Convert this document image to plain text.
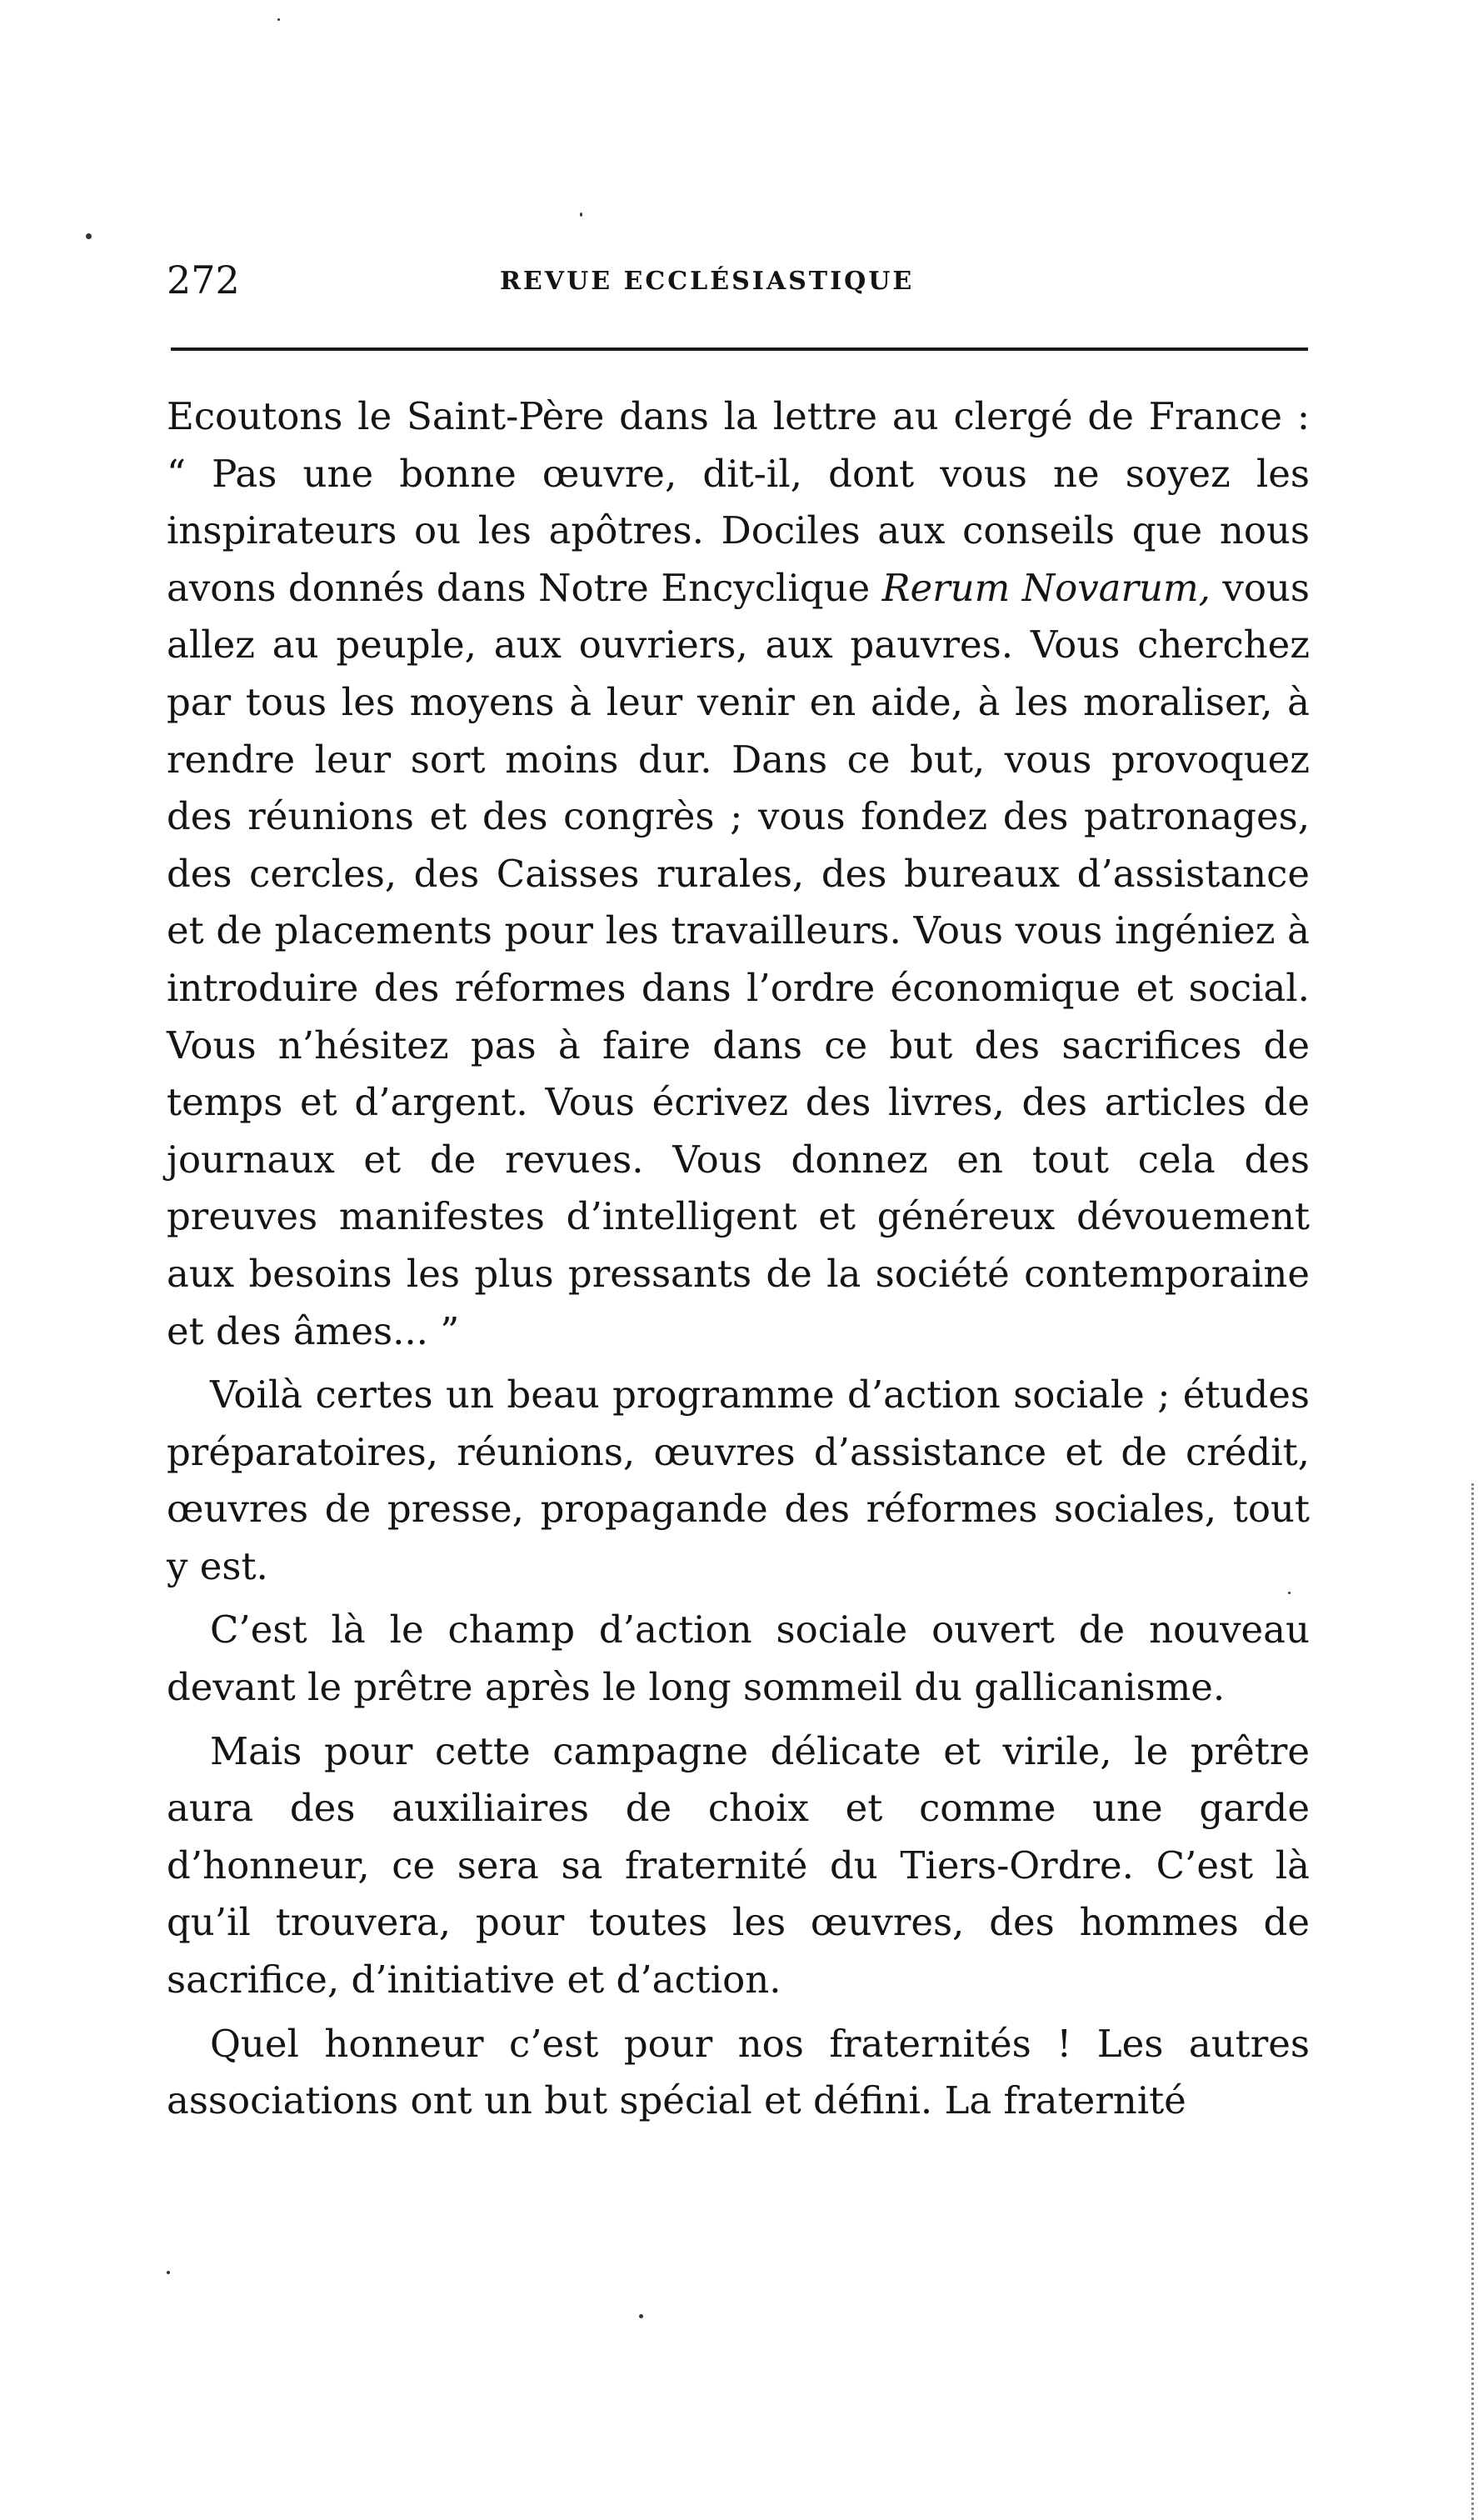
272	REVUE ECCLÉSIASTIQUE

Ecoutons le Saint-Père dans la lettre au clergé de France : “ Pas une bonne œuvre, dit-il, dont vous ne soyez les inspirateurs ou les apôtres. Dociles aux conseils que nous avons donnés dans Notre Encyclique Rerum Novarum, vous allez au peuple, aux ouvriers, aux pauvres. Vous cherchez par tous les moyens à leur venir en aide, à les moraliser, à rendre leur sort moins dur. Dans ce but, vous provoquez des réunions et des congrès ; vous fondez des patronages, des cercles, des Caisses rurales, des bureaux d’assistance et de placements pour les travailleurs. Vous vous ingéniez à introduire des réformes dans l’ordre économique et social. Vous n’hésitez pas à faire dans ce but des sacrifices de temps et d’argent. Vous écrivez des livres, des articles de journaux et de revues. Vous donnez en tout cela des preuves manifestes d’intelligent et généreux dévouement aux besoins les plus pressants de la société contemporaine et des âmes... ”

Voilà certes un beau programme d’action sociale ; études préparatoires, réunions, œuvres d’assistance et de crédit, œuvres de presse, propagande des réformes sociales, tout y est.

C’est là le champ d’action sociale ouvert de nouveau devant le prêtre après le long sommeil du gallicanisme.

Mais pour cette campagne délicate et virile, le prêtre aura des auxiliaires de choix et comme une garde d’honneur, ce sera sa fraternité du Tiers-Ordre. C’est là qu’il trouvera, pour toutes les œuvres, des hommes de sacrifice, d’initiative et d’action.

Quel honneur c’est pour nos fraternités ! Les autres associations ont un but spécial et défini. La fraternité
